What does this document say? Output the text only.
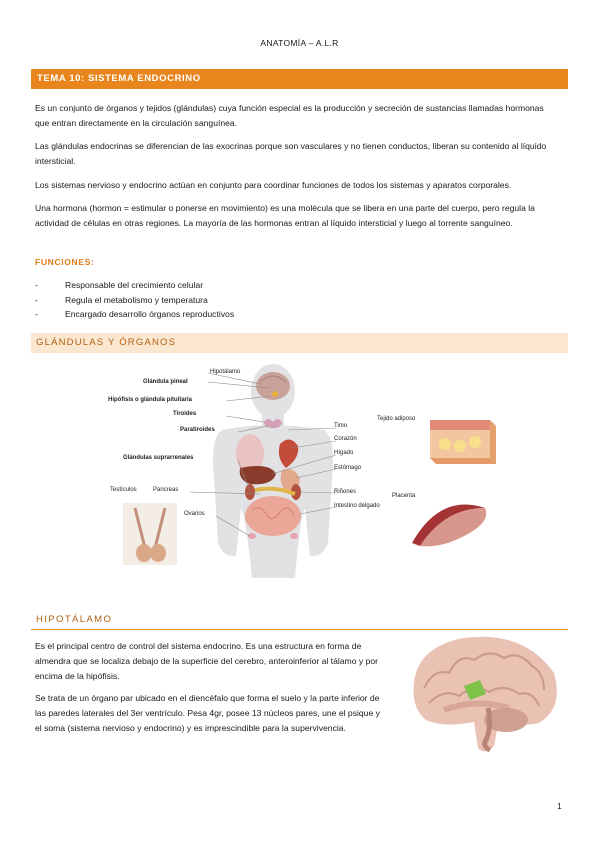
ANATOMÍA – A.L.R
TEMA 10: SISTEMA ENDOCRINO
Es un conjunto de órganos y tejidos (glándulas) cuya función especial es la producción y secreción de sustancias llamadas hormonas que entran directamente en la circulación sanguínea.
Las glándulas endocrinas se diferencian de las exocrinas porque son vasculares y no tienen conductos, liberan su contenido al líquido intersticial.
Los sistemas nervioso y endocrino actúan en conjunto para coordinar funciones de todos los sistemas y aparatos corporales.
Una hormona (hormon = estimular o ponerse en movimiento) es una molécula que se libera en una parte del cuerpo, pero regula la actividad de células en otras regiones. La mayoría de las hormonas entran al líquido intersticial y luego al torrente sanguíneo.
FUNCIONES:
-	Responsable del crecimiento celular
-	Regula el metabolismo y temperatura
-	Encargado desarrollo órganos reproductivos
GLÁNDULAS Y ÓRGANOS
Hipotálamo
Glándula pineal
Hipófisis o glándula pituitaria
Tiroides
Paratiroides
Glándulas suprarrenales
Testículos	Pancreas
Ovarios
Timo
Corazón
Hígado
Estómago
Riñones
Intestino delgado
Tejido adiposo
Placenta
HIPOTÁLAMO
Es el principal centro de control del sistema endocrino. Es una estructura en forma de almendra que se localiza debajo de la superficie del cerebro, anteroinferior al tálamo y por encima de la hipófisis.
Se trata de un órgano par ubicado en el diencéfalo que forma el suelo y la parte inferior de las paredes laterales del 3er ventrículo. Pesa 4gr, posee 13 núcleos pares, une el psique y el soma (sistema nervioso y endocrino) y es imprescindible para la supervivencia.
1
